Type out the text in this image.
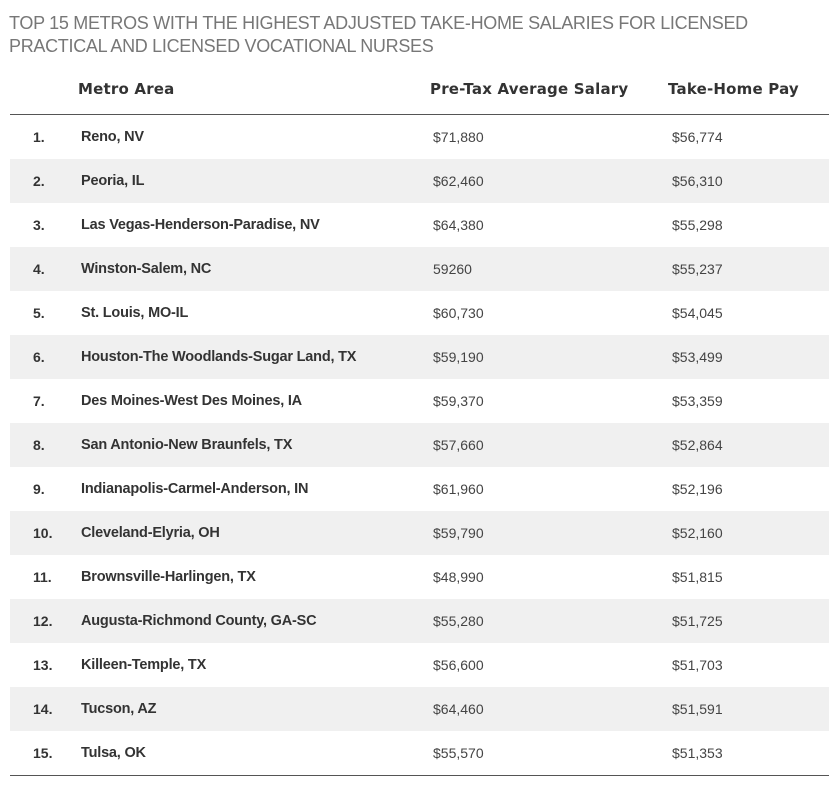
TOP 15 METROS WITH THE HIGHEST ADJUSTED TAKE-HOME SALARIES FOR LICENSED PRACTICAL AND LICENSED VOCATIONAL NURSES
Metro Area	Pre-Tax Average Salary	Take-Home Pay
1.	Reno, NV	$71,880	$56,774
2.	Peoria, IL	$62,460	$56,310
3.	Las Vegas-Henderson-Paradise, NV	$64,380	$55,298
4.	Winston-Salem, NC	59260	$55,237
5.	St. Louis, MO-IL	$60,730	$54,045
6.	Houston-The Woodlands-Sugar Land, TX	$59,190	$53,499
7.	Des Moines-West Des Moines, IA	$59,370	$53,359
8.	San Antonio-New Braunfels, TX	$57,660	$52,864
9.	Indianapolis-Carmel-Anderson, IN	$61,960	$52,196
10. Cleveland-Elyria, OH	$59,790	$52,160
11. Brownsville-Harlingen, TX	$48,990	$51,815
12. Augusta-Richmond County, GA-SC	$55,280	$51,725
13. Killeen-Temple, TX	$56,600	$51,703
14. Tucson, AZ	$64,460	$51,591
15. Tulsa, OK	$55,570	$51,353
